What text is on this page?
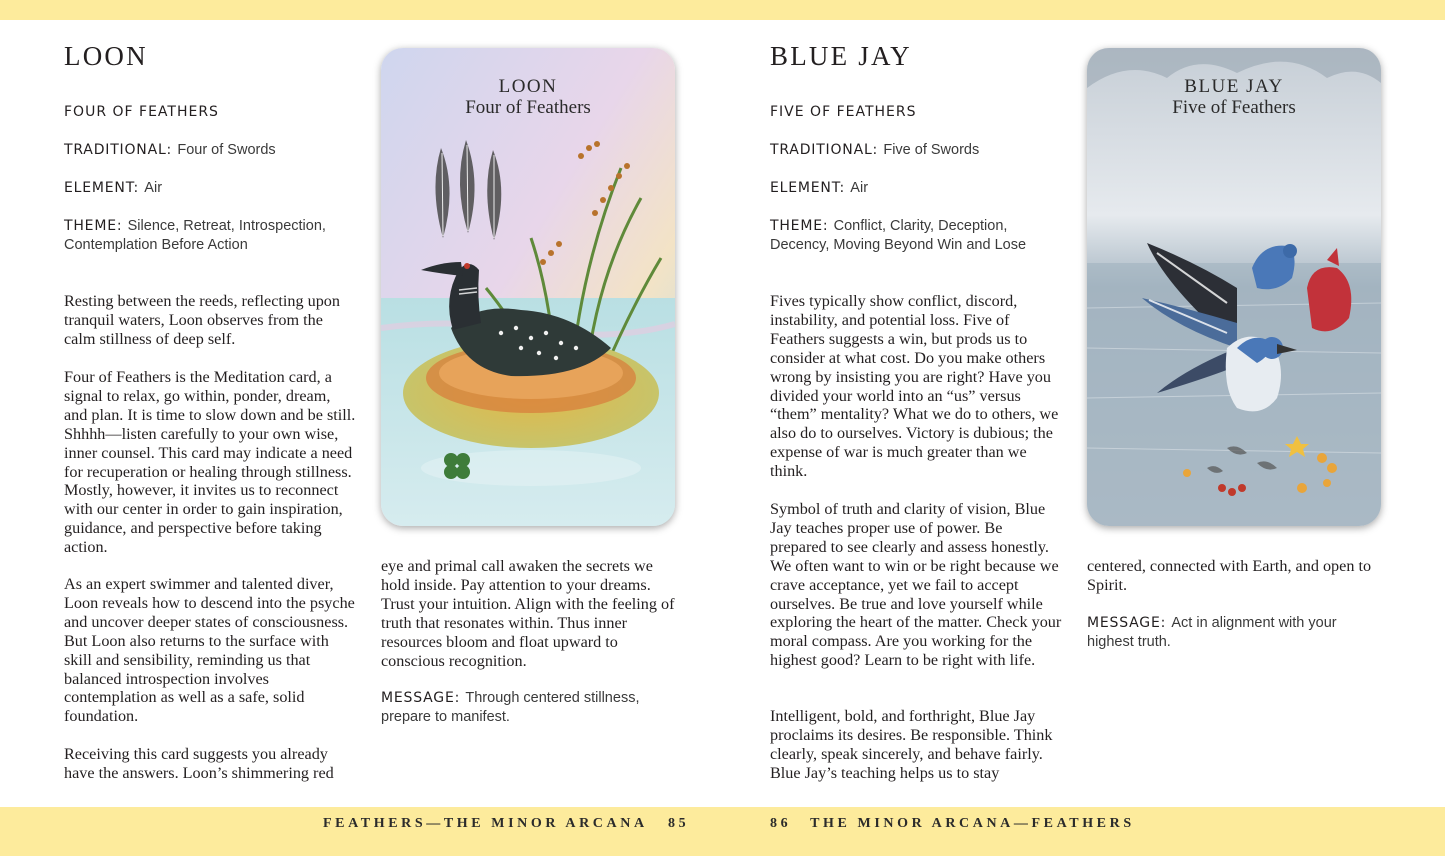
LOON
FOUR OF FEATHERS
TRADITIONAL: Four of Swords
ELEMENT: Air
THEME: Silence, Retreat, Introspection, Contemplation Before Action

Resting between the reeds, reflecting upon tranquil waters, Loon observes from the calm stillness of deep self.

Four of Feathers is the Meditation card, a signal to relax, go within, ponder, dream, and plan. It is time to slow down and be still. Shhhh—listen carefully to your own wise, inner counsel. This card may indicate a need for recuperation or healing through stillness. Mostly, however, it invites us to reconnect with our center in order to gain inspiration, guidance, and perspective before taking action.

As an expert swimmer and talented diver, Loon reveals how to descend into the psyche and uncover deeper states of consciousness. But Loon also returns to the surface with skill and sensibility, reminding us that balanced introspection involves contemplation as well as a safe, solid foundation.

Receiving this card suggests you already have the answers. Loon’s shimmering red

LOON
Four of Feathers

eye and primal call awaken the secrets we hold inside. Pay attention to your dreams. Trust your intuition. Align with the feeling of truth that resonates within. Thus inner resources bloom and float upward to conscious recognition.

MESSAGE: Through centered stillness, prepare to manifest.
FEATHERS—THE MINOR ARCANA 85
BLUE JAY
FIVE OF FEATHERS
TRADITIONAL: Five of Swords
ELEMENT: Air
THEME: Conflict, Clarity, Deception, Decency, Moving Beyond Win and Lose

Fives typically show conflict, discord, instability, and potential loss. Five of Feathers suggests a win, but prods us to consider at what cost. Do you make others wrong by insisting you are right? Have you divided your world into an “us” versus “them” mentality? What we do to others, we also do to ourselves. Victory is dubious; the expense of war is much greater than we think.

Symbol of truth and clarity of vision, Blue Jay teaches proper use of power. Be prepared to see clearly and assess honestly. We often want to win or be right because we crave acceptance, yet we fail to accept ourselves. Be true and love yourself while exploring the heart of the matter. Check your moral compass. Are you working for the highest good? Learn to be right with life.

Intelligent, bold, and forthright, Blue Jay proclaims its desires. Be responsible. Think clearly, speak sincerely, and behave fairly. Blue Jay’s teaching helps us to stay

BLUE JAY
Five of Feathers

centered, connected with Earth, and open to Spirit.

MESSAGE: Act in alignment with your highest truth.
86 THE MINOR ARCANA—FEATHERS
